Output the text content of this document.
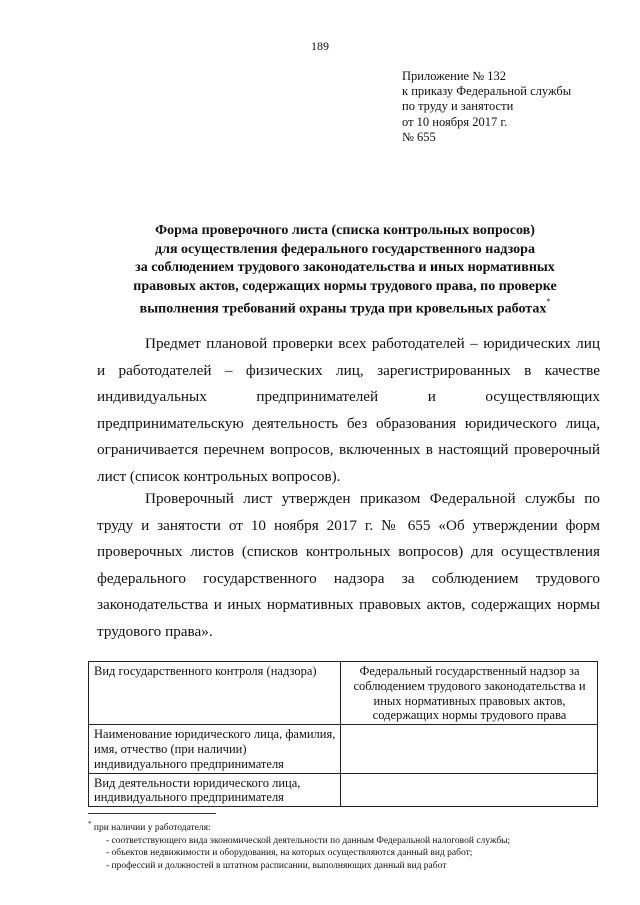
189
Приложение № 132
к приказу Федеральной службы
по труду и занятости
от 10 ноября 2017 г.
№ 655
Форма проверочного листа (списка контрольных вопросов)
для осуществления федерального государственного надзора
за соблюдением трудового законодательства и иных нормативных
правовых актов, содержащих нормы трудового права, по проверке
выполнения требований охраны труда при кровельных работах*
Предмет плановой проверки всех работодателей – юридических лиц и работодателей – физических лиц, зарегистрированных в качестве индивидуальных предпринимателей и осуществляющих предпринимательскую деятельность без образования юридического лица, ограничивается перечнем вопросов, включенных в настоящий проверочный лист (список контрольных вопросов).
Проверочный лист утвержден приказом Федеральной службы по труду и занятости от 10 ноября 2017 г. № 655 «Об утверждении форм проверочных листов (списков контрольных вопросов) для осуществления федерального государственного надзора за соблюдением трудового законодательства и иных нормативных правовых актов, содержащих нормы трудового права».
Вид государственного контроля (надзора)	Федеральный государственный надзор за соблюдением трудового законодательства и иных нормативных правовых актов, содержащих нормы трудового права
Наименование юридического лица, фамилия, имя, отчество (при наличии) индивидуального предпринимателя	
Вид деятельности юридического лица, индивидуального предпринимателя	
* при наличии у работодателя:
- соответствующего вида экономической деятельности по данным Федеральной налоговой службы;
- объектов недвижимости и оборудования, на которых осуществляются данный вид работ;
- профессий и должностей в штатном расписании, выполняющих данный вид работ
